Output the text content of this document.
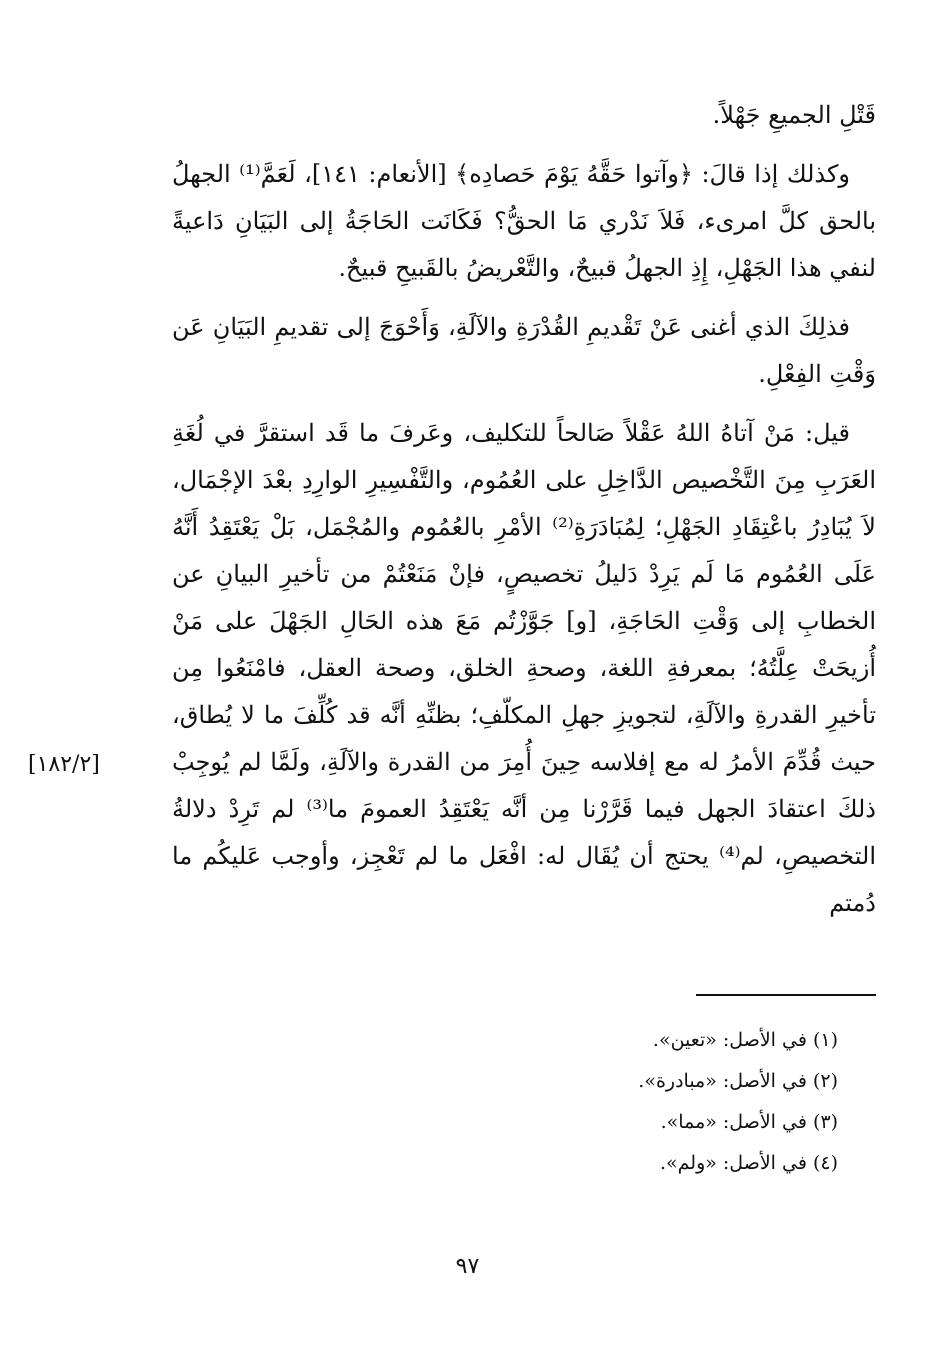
قَتْلِ الجميعِ جَهْلاً.

وكذلك إذا قالَ: ﴿وآتوا حَقَّهُ يَوْمَ حَصادِه﴾ [الأنعام: ١٤١]، لَعَمَّ⁽¹⁾ الجهلُ بالحق كلَّ امرىء، فَلاَ نَدْري مَا الحقُّ؟ فَكَانَت الحَاجَةُ إلى البَيَانِ دَاعيةً لنفي هذا الجَهْلِ، إِذِ الجهلُ قبيحٌ، والتَّعْريضُ بالقَبيحِ قبيحٌ.

فذلِكَ الذي أغنى عَنْ تَقْديمِ القُدْرَةِ والآلَةِ، وَأَحْوَجَ إلى تقديمِ البَيَانِ عَن وَقْتِ الفِعْلِ.

قيل: مَنْ آتاهُ اللهُ عَقْلاً صَالحاً للتكليف، وعَرفَ ما قَد استقرَّ في لُغَةِ العَرَبِ مِنَ التَّخْصيص الدَّاخِلِ على العُمُوم، والتَّفْسِيرِ الوارِدِ بعْدَ الإجْمَال، لاَ يُبَادِرُ باعْتِقَادِ الجَهْلِ؛ لِمُبَادَرَةِ⁽²⁾ الأمْرِ بالعُمُوم والمُجْمَل، بَلْ يَعْتَقِدُ أَنَّهُ عَلَى العُمُوم مَا لَم يَرِدْ دَليلُ تخصيصٍ، فإنْ مَنَعْتُمْ من تأخيرِ البيانِ عن الخطابِ إلى وَقْتِ الحَاجَةِ، [و] جَوَّزْتُم مَعَ هذه الحَالِ الجَهْلَ على مَنْ أُزيحَتْ عِلَّتُهُ؛ بمعرفةِ اللغة، وصحةِ الخلق، وصحة العقل، فامْنَعُوا مِن تأخيرِ القدرةِ والآلَةِ، لتجويزِ جهلِ المكلّفِ؛ بظنِّهِ أنَّه قد كُلِّفَ ما لا يُطاق، حيث قُدِّمَ الأمرُ له مع إفلاسه حِينَ أُمِرَ من القدرة والآلَةِ، ولَمَّا لم يُوجِبْ ذلكَ اعتقادَ الجهل فيما قَرَّرْنا مِن أنَّه يَعْتَقِدُ العمومَ ما⁽³⁾ لم تَرِدْ دلالةُ التخصيصِ، لم⁽⁴⁾ يحتج أن يُقَال له: افْعَل ما لم تَعْجِز، وأوجب عَليكُم ما دُمتم

[١٨٢/٢]
(١) في الأصل: «تعين».
(٢) في الأصل: «مبادرة».
(٣) في الأصل: «مما».
(٤) في الأصل: «ولم».
٩٧
